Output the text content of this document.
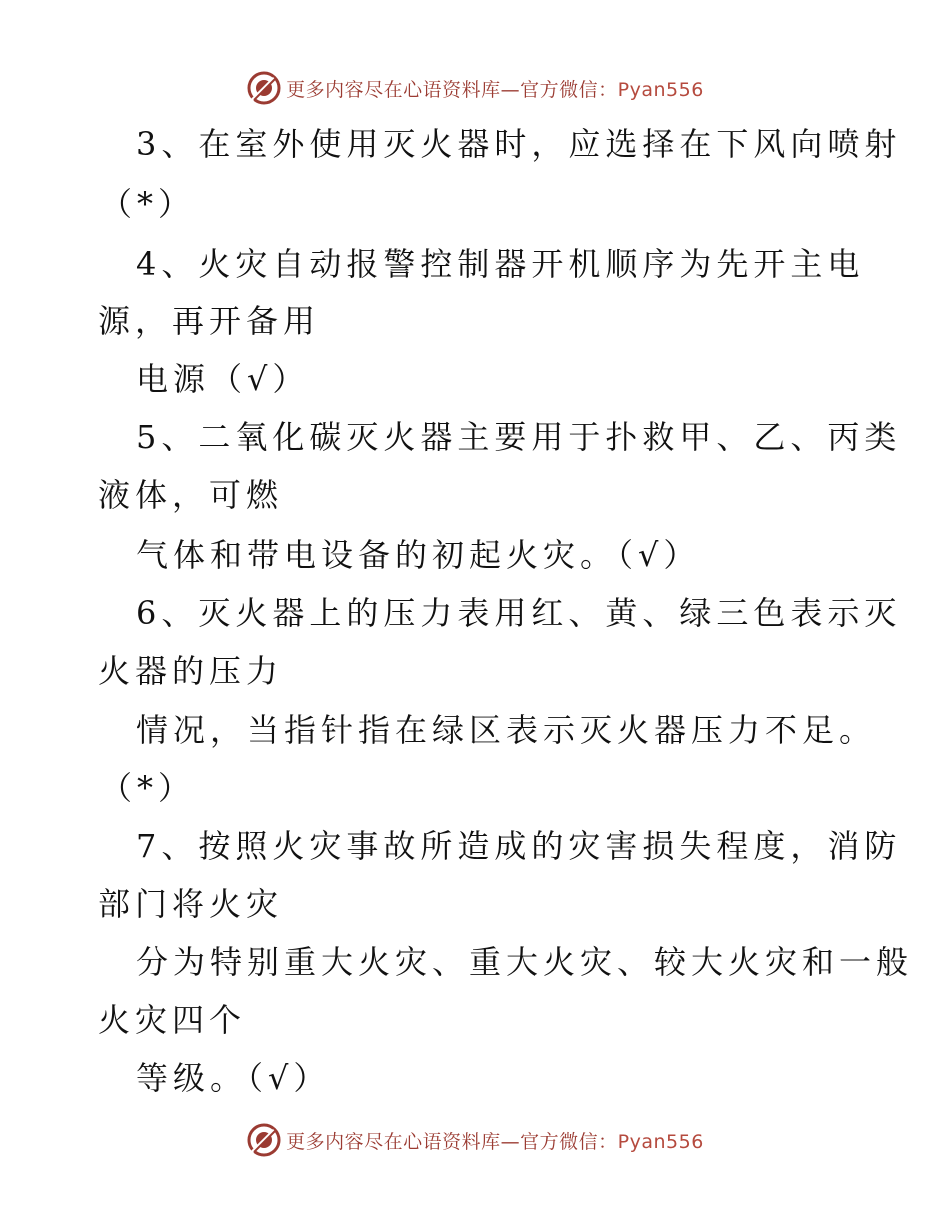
更多内容尽在心语资料库—官方微信：Pyan556
3、在室外使用灭火器时，应选择在下风向喷射
（*）
4、火灾自动报警控制器开机顺序为先开主电
源，再开备用
电源（√）
5、二氧化碳灭火器主要用于扑救甲、乙、丙类
液体，可燃
气体和带电设备的初起火灾。（√）
6、灭火器上的压力表用红、黄、绿三色表示灭
火器的压力
情况，当指针指在绿区表示灭火器压力不足。
（*）
7、按照火灾事故所造成的灾害损失程度，消防
部门将火灾
分为特别重大火灾、重大火灾、较大火灾和一般
火灾四个
等级。（√）
更多内容尽在心语资料库—官方微信：Pyan556
